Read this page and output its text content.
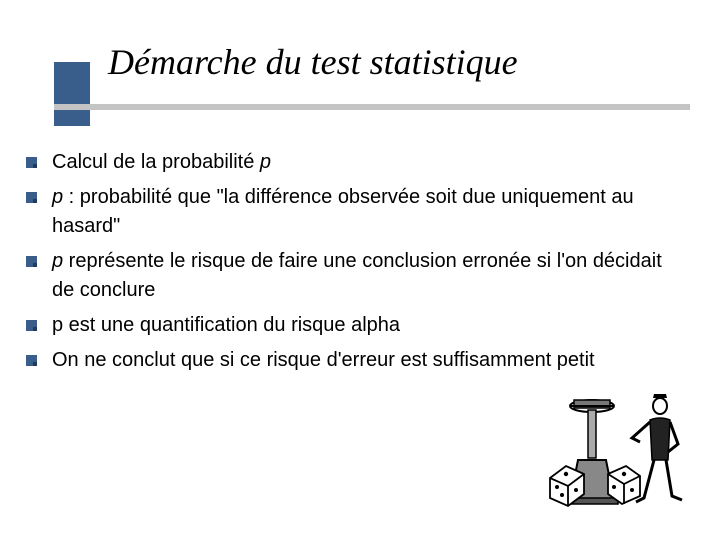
Démarche du test statistique
Calcul de la probabilité p
p : probabilité que "la différence observée soit due uniquement au hasard"
p représente le risque de faire une conclusion erronée si l'on décidait de conclure
p est une quantification du risque alpha
On ne conclut que si ce risque d'erreur est suffisamment petit
